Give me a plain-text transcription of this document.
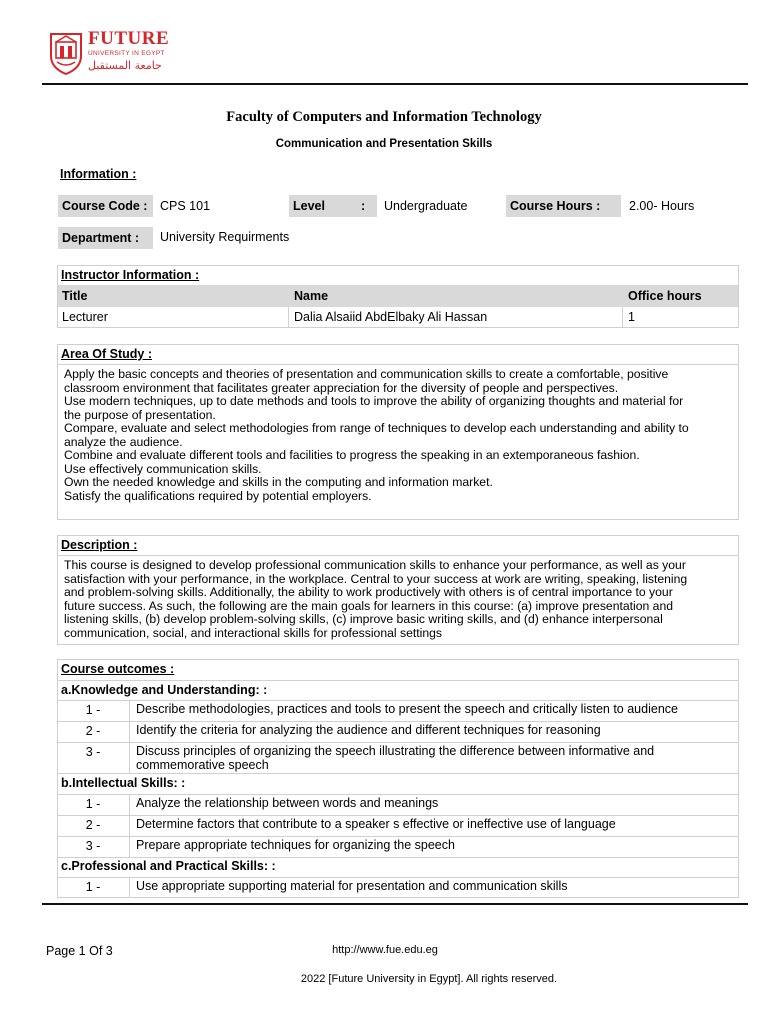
FUTURE
UNIVERSITY IN EGYPT
جامعة المستقبل
Faculty of Computers and Information Technology
Communication and Presentation Skills
Information :
Course Code : CPS 101	Level	: Undergraduate	Course Hours : 2.00- Hours
Department : University Requirments
Instructor Information :
Title	Name	Office hours
Lecturer	Dalia Alsaiid AbdElbaky Ali Hassan	1
Area Of Study :
Apply the basic concepts and theories of presentation and communication skills to create a comfortable, positive
classroom environment that facilitates greater appreciation for the diversity of people and perspectives.
Use modern techniques, up to date methods and tools to improve the ability of organizing thoughts and material for
the purpose of presentation.
Compare, evaluate and select methodologies from range of techniques to develop each understanding and ability to
analyze the audience.
Combine and evaluate different tools and facilities to progress the speaking in an extemporaneous fashion.
Use effectively communication skills.
Own the needed knowledge and skills in the computing and information market.
Satisfy the qualifications required by potential employers.
Description :
This course is designed to develop professional communication skills to enhance your performance, as well as your
satisfaction with your performance, in the workplace. Central to your success at work are writing, speaking, listening
and problem-solving skills. Additionally, the ability to work productively with others is of central importance to your
future success. As such, the following are the main goals for learners in this course: (a) improve presentation and
listening skills, (b) develop problem-solving skills, (c) improve basic writing skills, and (d) enhance interpersonal
communication, social, and interactional skills for professional settings
Course outcomes :
a.Knowledge and Understanding: :
1 -	Describe methodologies, practices and tools to present the speech and critically listen to audience
2 -	Identify the criteria for analyzing the audience and different techniques for reasoning
3 -	Discuss principles of organizing the speech illustrating the difference between informative and
commemorative speech
b.Intellectual Skills: :
1 -	Analyze the relationship between words and meanings
2 -	Determine factors that contribute to a speaker s effective or ineffective use of language
3 -	Prepare appropriate techniques for organizing the speech
c.Professional and Practical Skills: :
1 -	Use appropriate supporting material for presentation and communication skills
Page 1 Of 3	http://www.fue.edu.eg
2022 [Future University in Egypt]. All rights reserved.
